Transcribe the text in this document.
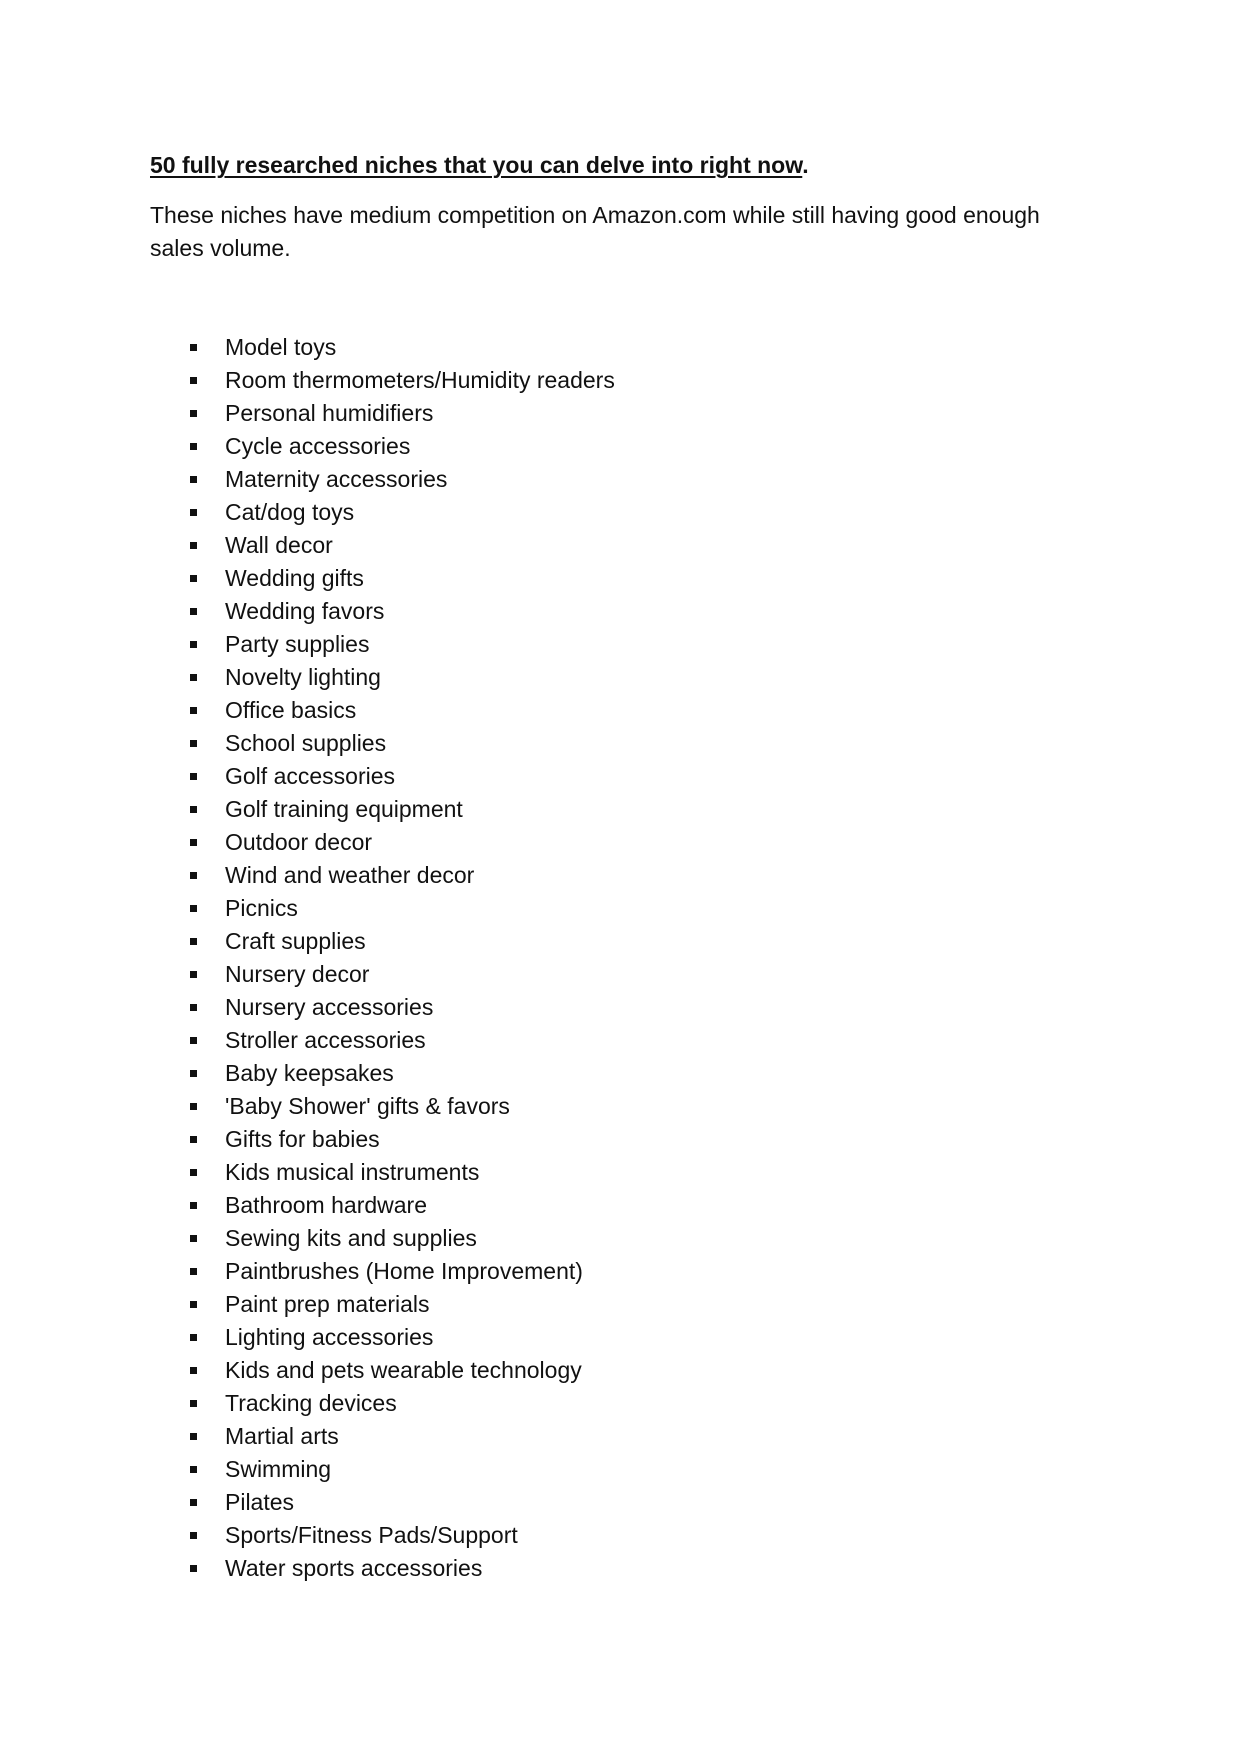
50 fully researched niches that you can delve into right now.

These niches have medium competition on Amazon.com while still having good enough sales volume.

Model toys
Room thermometers/Humidity readers
Personal humidifiers
Cycle accessories
Maternity accessories
Cat/dog toys
Wall decor
Wedding gifts
Wedding favors
Party supplies
Novelty lighting
Office basics
School supplies
Golf accessories
Golf training equipment
Outdoor decor
Wind and weather decor
Picnics
Craft supplies
Nursery decor
Nursery accessories
Stroller accessories
Baby keepsakes
'Baby Shower' gifts & favors
Gifts for babies
Kids musical instruments
Bathroom hardware
Sewing kits and supplies
Paintbrushes (Home Improvement)
Paint prep materials
Lighting accessories
Kids and pets wearable technology
Tracking devices
Martial arts
Swimming
Pilates
Sports/Fitness Pads/Support
Water sports accessories
